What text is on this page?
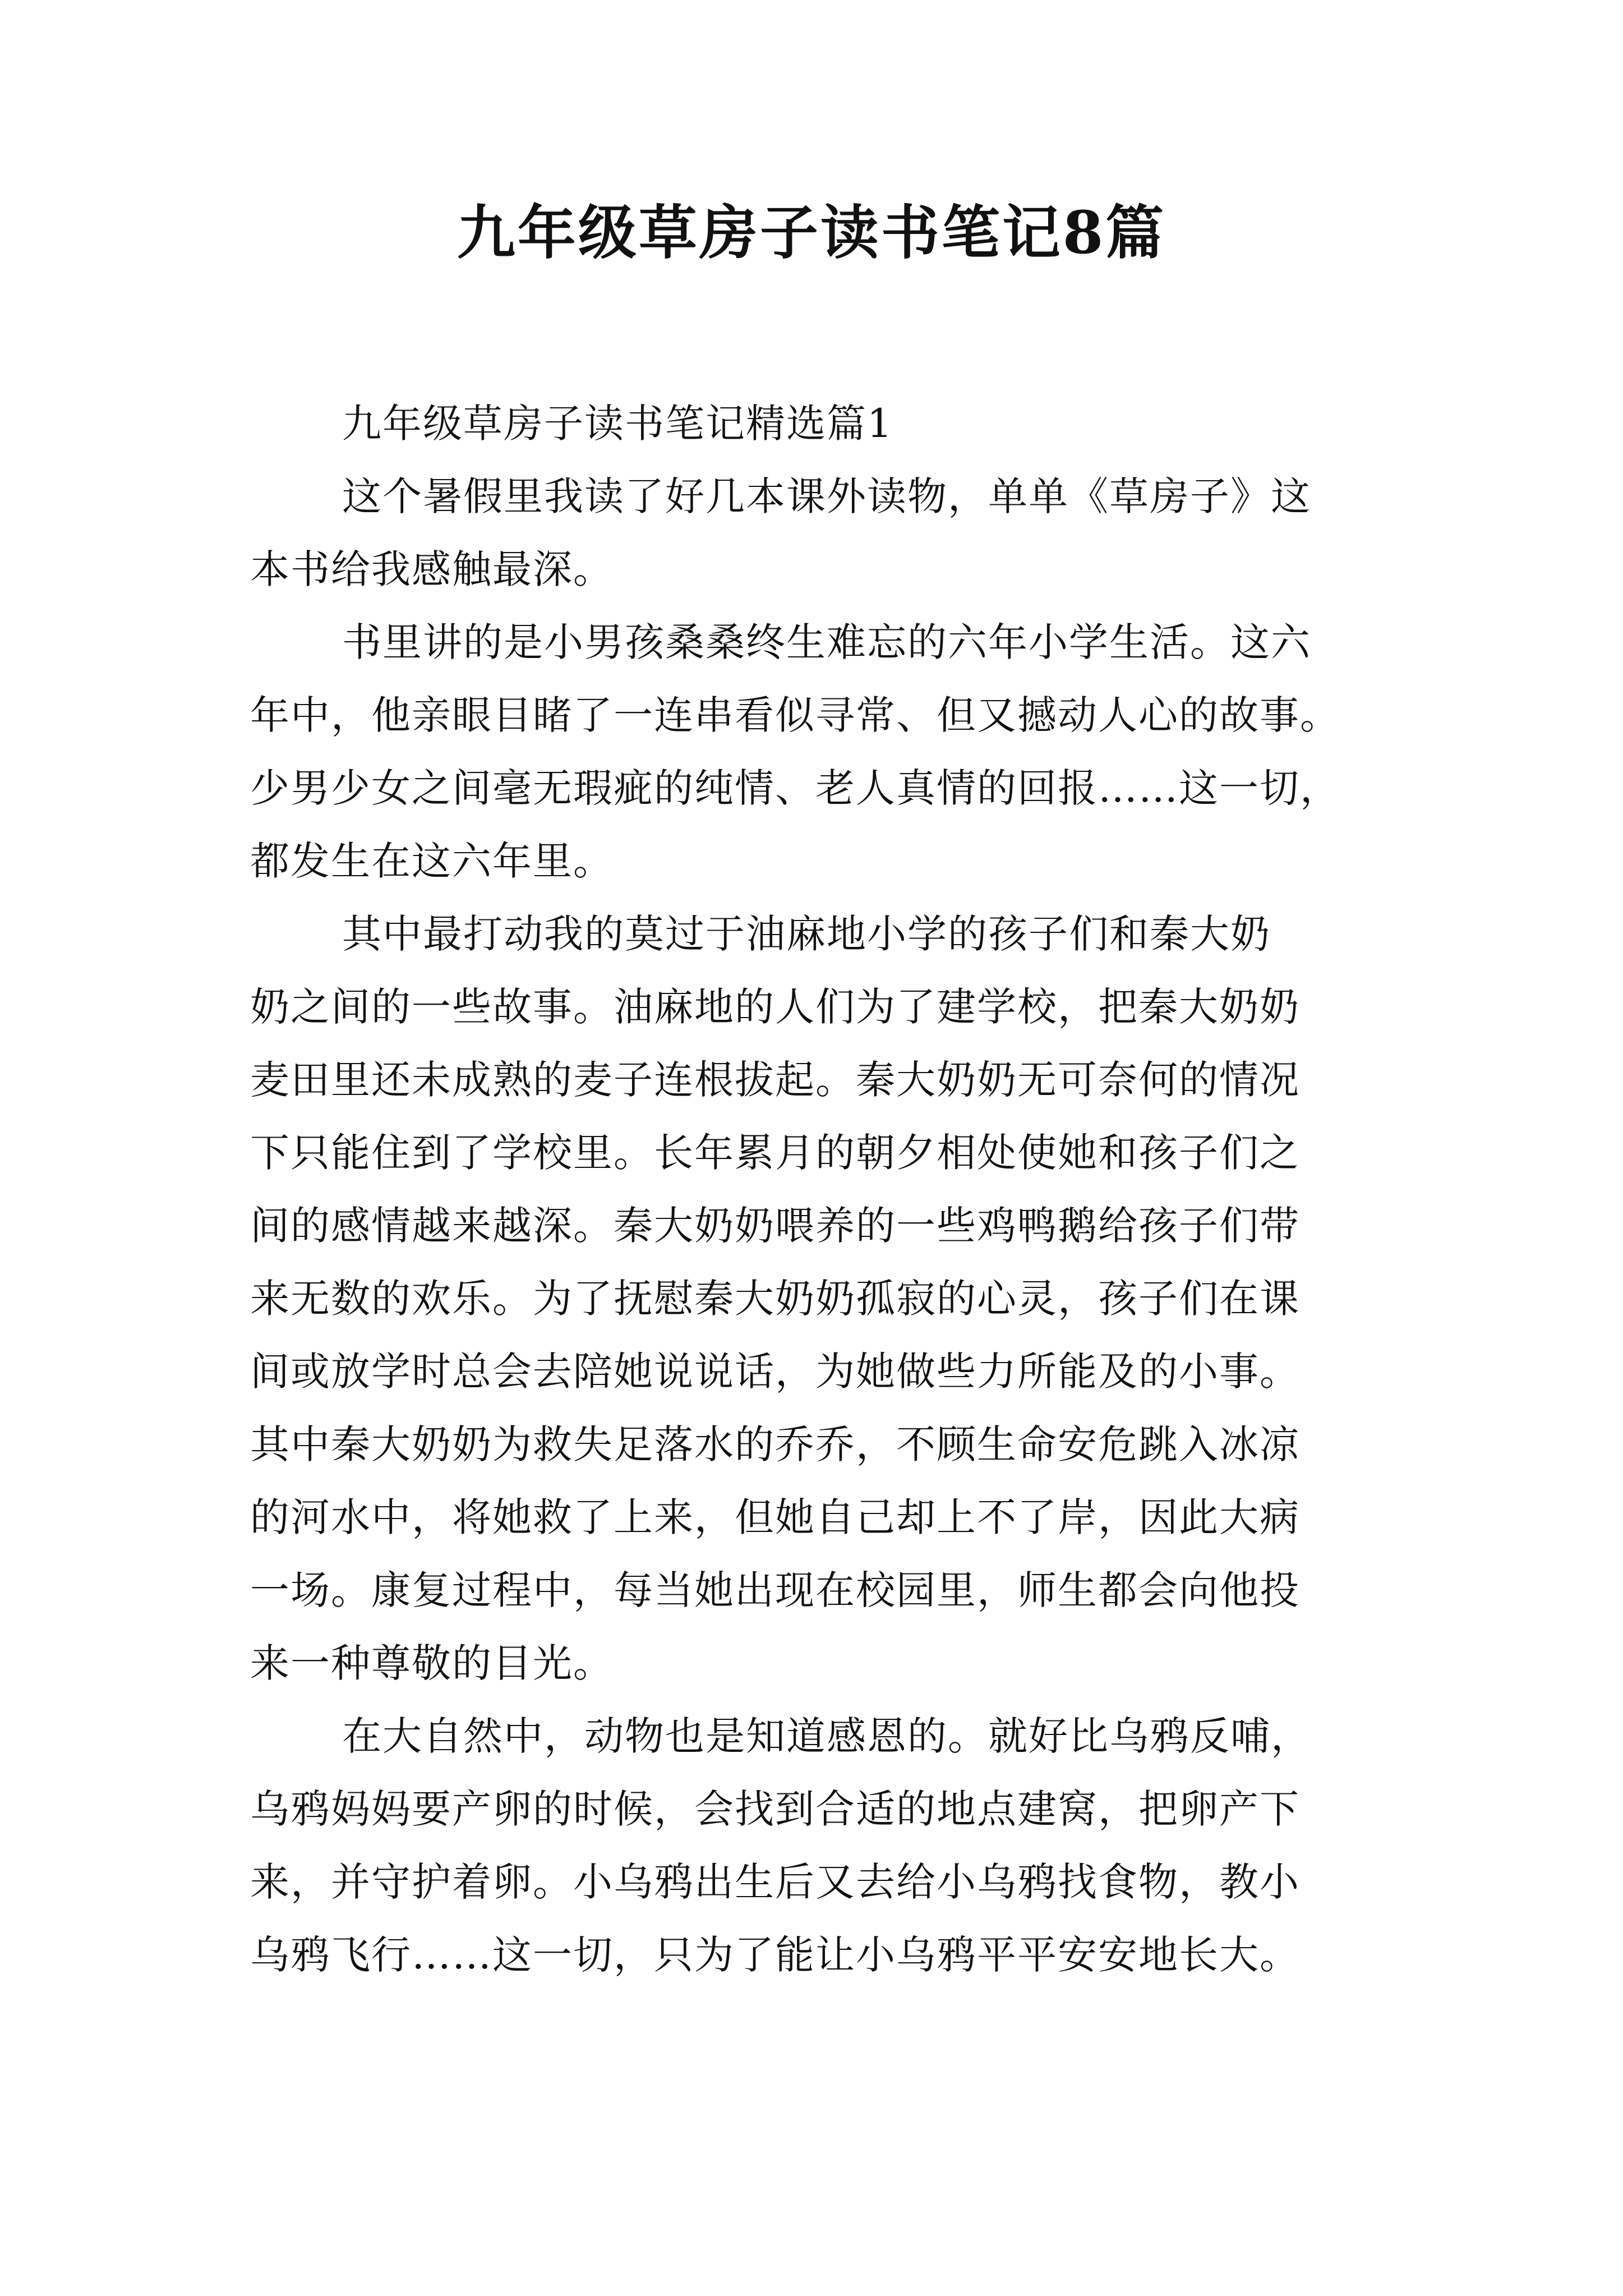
九年级草房子读书笔记8篇

九年级草房子读书笔记精选篇1

这个暑假里我读了好几本课外读物，单单《草房子》这
本书给我感触最深。

书里讲的是小男孩桑桑终生难忘的六年小学生活。这六
年中，他亲眼目睹了一连串看似寻常、但又撼动人心的故事。
少男少女之间毫无瑕疵的纯情、老人真情的回报……这一切，
都发生在这六年里。

其中最打动我的莫过于油麻地小学的孩子们和秦大奶
奶之间的一些故事。油麻地的人们为了建学校，把秦大奶奶
麦田里还未成熟的麦子连根拔起。秦大奶奶无可奈何的情况
下只能住到了学校里。长年累月的朝夕相处使她和孩子们之
间的感情越来越深。秦大奶奶喂养的一些鸡鸭鹅给孩子们带
来无数的欢乐。为了抚慰秦大奶奶孤寂的心灵，孩子们在课
间或放学时总会去陪她说说话，为她做些力所能及的小事。
其中秦大奶奶为救失足落水的乔乔，不顾生命安危跳入冰凉
的河水中，将她救了上来，但她自己却上不了岸，因此大病
一场。康复过程中，每当她出现在校园里，师生都会向他投
来一种尊敬的目光。

在大自然中，动物也是知道感恩的。就好比乌鸦反哺，
乌鸦妈妈要产卵的时候，会找到合适的地点建窝，把卵产下
来，并守护着卵。小乌鸦出生后又去给小乌鸦找食物，教小
乌鸦飞行……这一切，只为了能让小乌鸦平平安安地长大。
